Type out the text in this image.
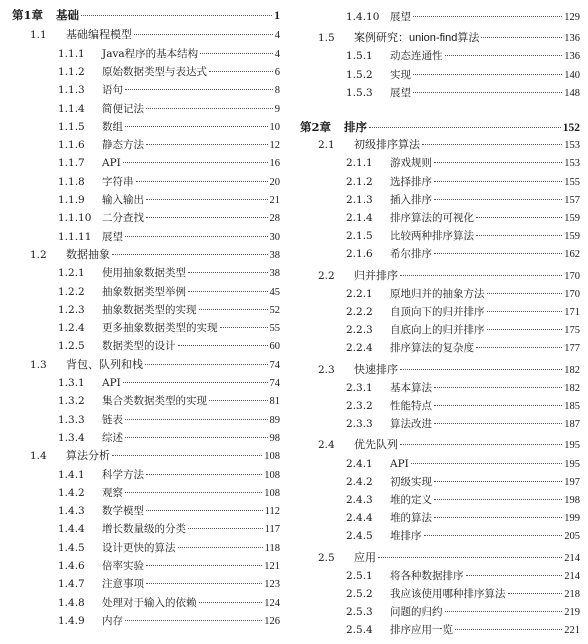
第1章	基础	1
1.1	基础编程模型	4
1.1.1	Java程序的基本结构	4
1.1.2	原始数据类型与表达式	6
1.1.3	语句	8
1.1.4	简便记法	9
1.1.5	数组	10
1.1.6	静态方法	12
1.1.7	API	16
1.1.8	字符串	20
1.1.9	输入输出	21
1.1.10	二分查找	28
1.1.11	展望	30
1.2	数据抽象	38
1.2.1	使用抽象数据类型	38
1.2.2	抽象数据类型举例	45
1.2.3	抽象数据类型的实现	52
1.2.4	更多抽象数据类型的实现	55
1.2.5	数据类型的设计	60
1.3	背包、队列和栈	74
1.3.1	API	74
1.3.2	集合类数据类型的实现	81
1.3.3	链表	89
1.3.4	综述	98
1.4	算法分析	108
1.4.1	科学方法	108
1.4.2	观察	108
1.4.3	数学模型	112
1.4.4	增长数量级的分类	117
1.4.5	设计更快的算法	118
1.4.6	倍率实验	121
1.4.7	注意事项	123
1.4.8	处理对于输入的依赖	124
1.4.9	内存	126
1.4.10	展望	129
1.5	案例研究：union-find算法	136
1.5.1	动态连通性	136
1.5.2	实现	140
1.5.3	展望	148
第2章	排序	152
2.1	初级排序算法	153
2.1.1	游戏规则	153
2.1.2	选择排序	155
2.1.3	插入排序	157
2.1.4	排序算法的可视化	159
2.1.5	比较两种排序算法	159
2.1.6	希尔排序	162
2.2	归并排序	170
2.2.1	原地归并的抽象方法	170
2.2.2	自顶向下的归并排序	171
2.2.3	自底向上的归并排序	175
2.2.4	排序算法的复杂度	177
2.3	快速排序	182
2.3.1	基本算法	182
2.3.2	性能特点	185
2.3.3	算法改进	187
2.4	优先队列	195
2.4.1	API	195
2.4.2	初级实现	197
2.4.3	堆的定义	198
2.4.4	堆的算法	199
2.4.5	堆排序	205
2.5	应用	214
2.5.1	将各种数据排序	214
2.5.2	我应该使用哪种排序算法	218
2.5.3	问题的归约	219
2.5.4	排序应用一览	221
